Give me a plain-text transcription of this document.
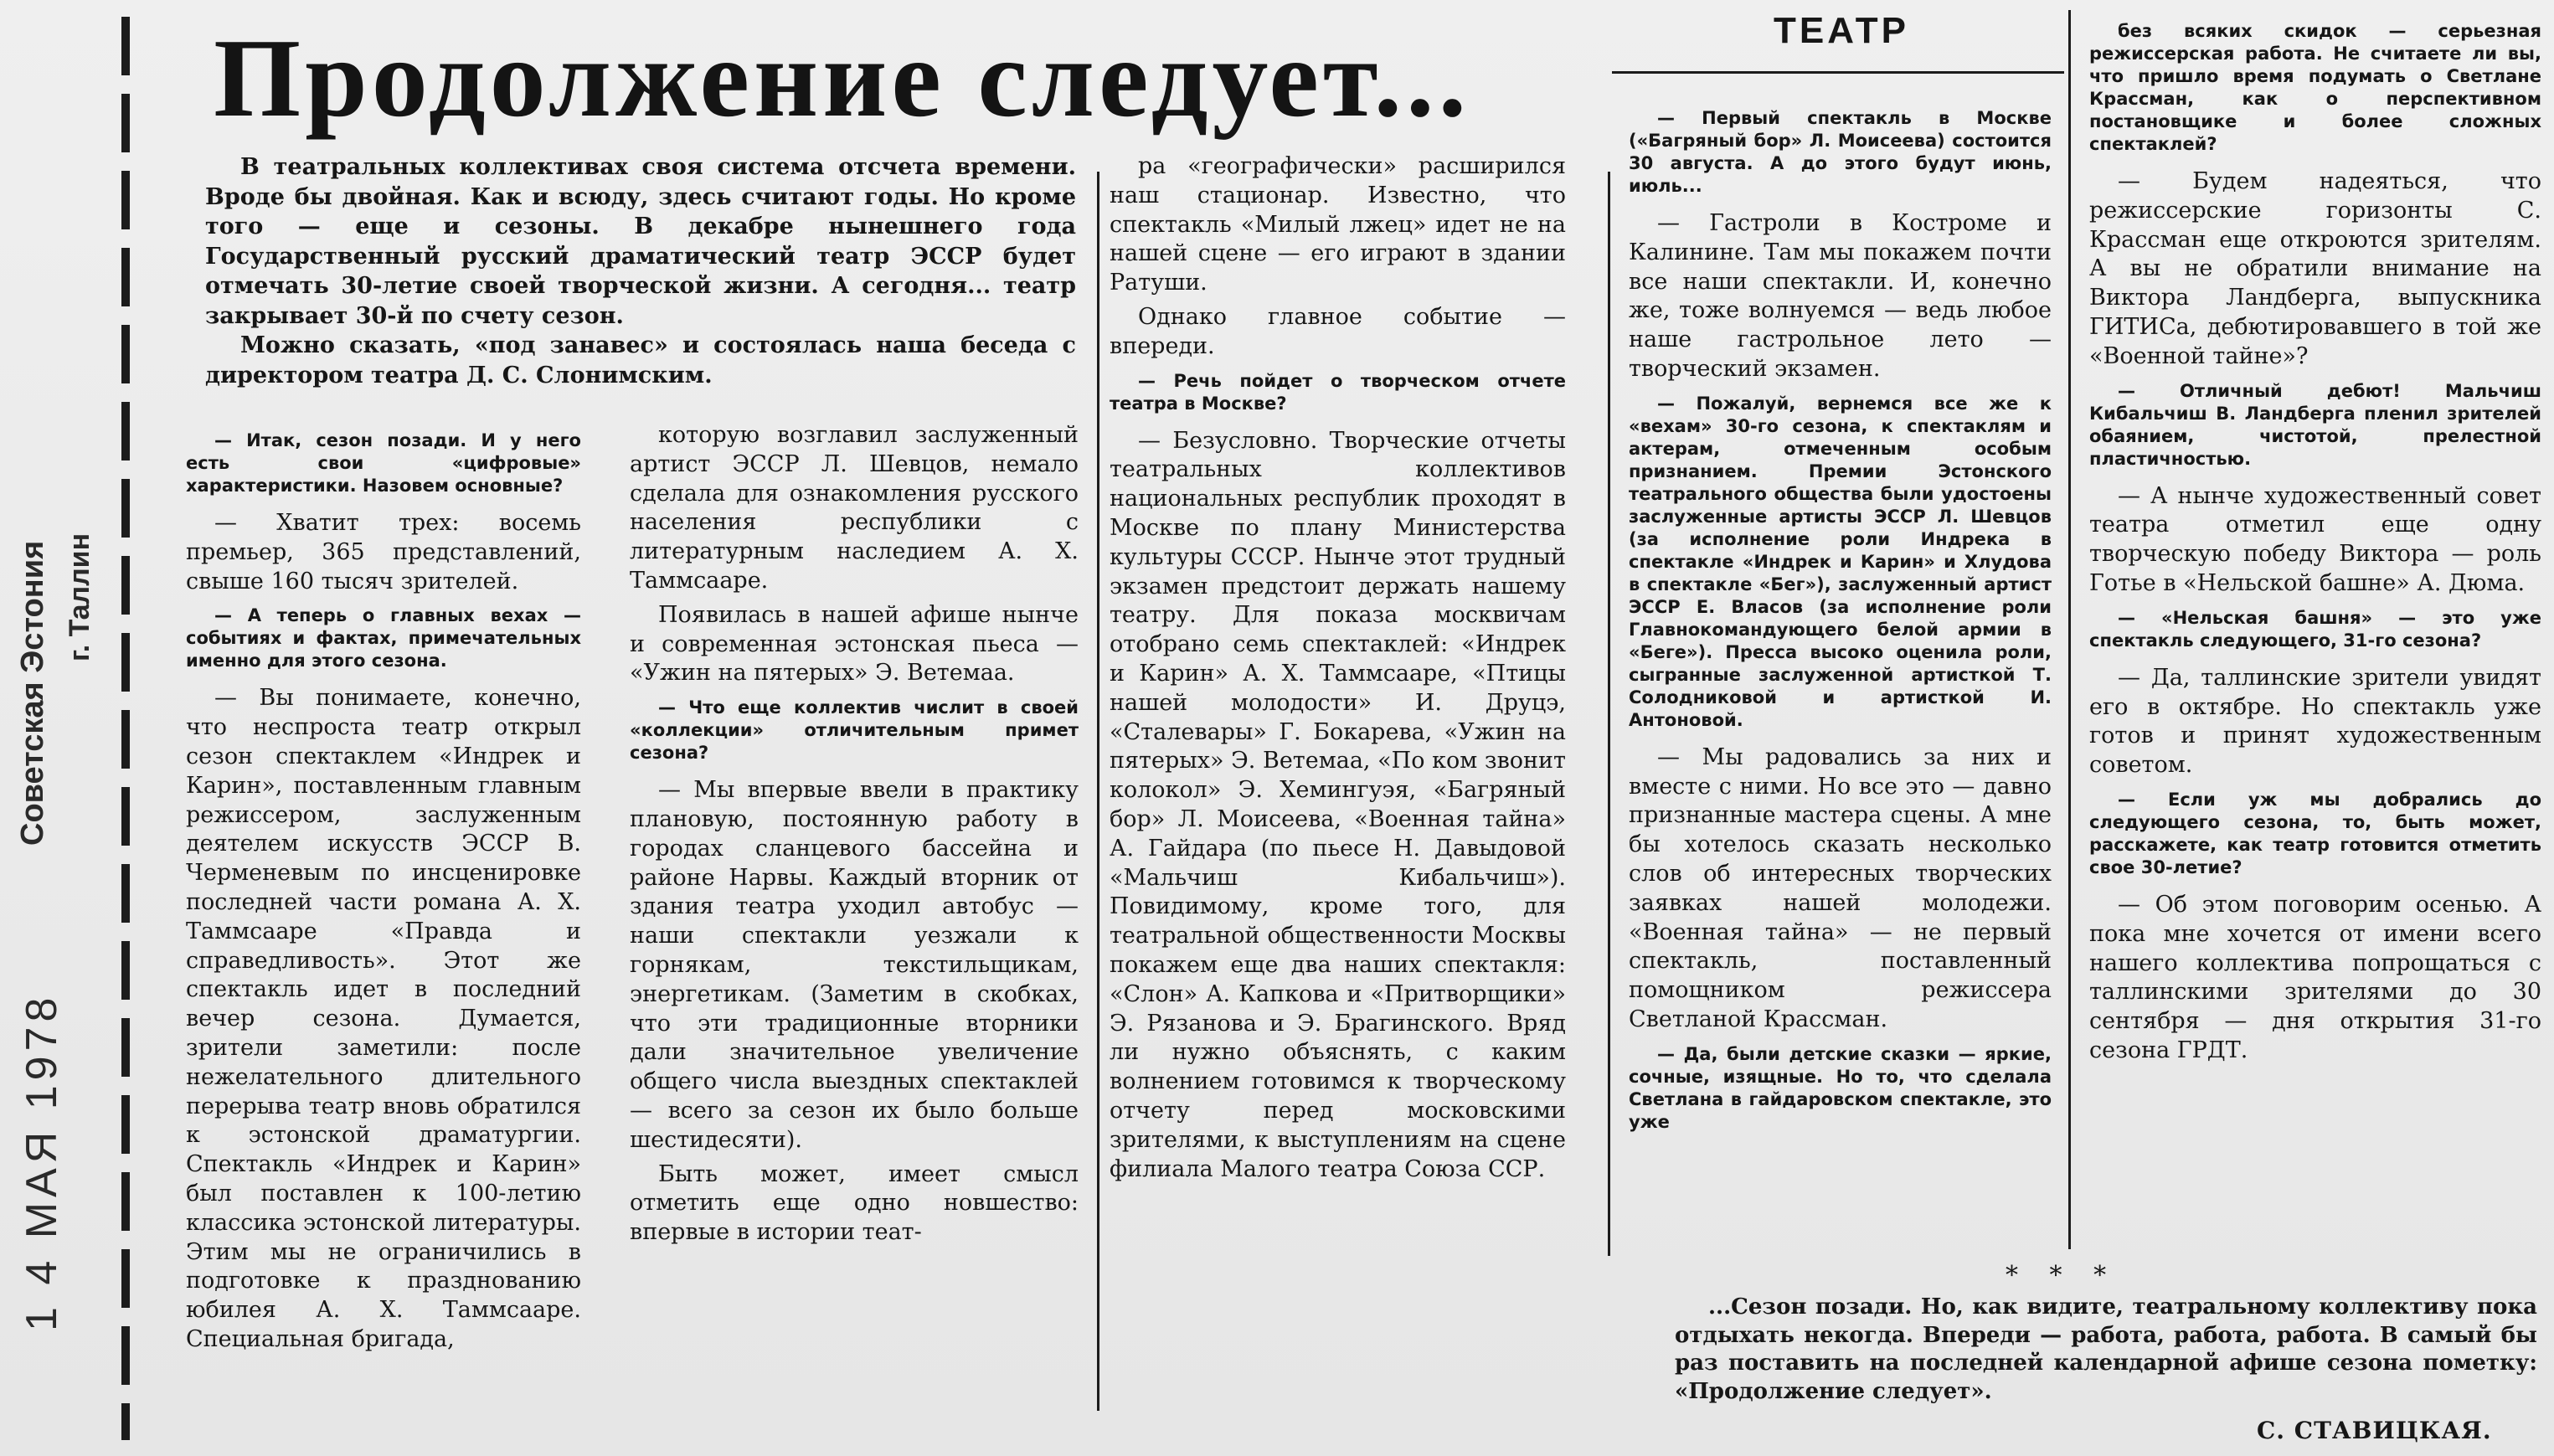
Советская Эстония г. Таллин
1 4 МАЯ 1978
Продолжение следует...	ТЕАТР

В театральных коллективах своя система отсчета времени. Вроде бы двойная. Как и всюду, здесь считают годы. Но кроме того — еще и сезоны. В декабре нынешнего года Государственный русский драматический театр ЭССР будет отмечать 30-летие своей творческой жизни. А сегодня... театр закрывает 30-й по счету сезон.

Можно сказать, «под занавес» и состоялась наша беседа с директором театра Д. С. Слонимским.

— Итак, сезон позади. И у него есть свои «цифровые» характеристики. Назовем основные?

— Хватит трех: восемь премьер, 365 представлений, свыше 160 тысяч зрителей.

— А теперь о главных вехах — событиях и фактах, примечательных именно для этого сезона.

— Вы понимаете, конечно, что неспроста театр открыл сезон спектаклем «Индрек и Карин», поставленным главным режиссером, заслуженным деятелем искусств ЭССР В. Черменевым по инсценировке последней части романа А. Х. Таммсааре «Правда и справедливость». Этот же спектакль идет в последний вечер сезона. Думается, зрители заметили: после нежелательного длительного перерыва театр вновь обратился к эстонской драматургии. Спектакль «Индрек и Карин» был поставлен к 100-летию классика эстонской литературы. Этим мы не ограничились в подготовке к празднованию юбилея А. Х. Таммсааре. Специальная бригада,

которую возглавил заслуженный артист ЭССР Л. Шевцов, немало сделала для ознакомления русского населения республики с литературным наследием А. Х. Таммсааре.

Появилась в нашей афише нынче и современная эстонская пьеса — «Ужин на пятерых» Э. Ветемаа.

— Что еще коллектив числит в своей «коллекции» отличительным примет сезона?

— Мы впервые ввели в практику плановую, постоянную работу в городах сланцевого бассейна и районе Нарвы. Каждый вторник от здания театра уходил автобус — наши спектакли уезжали к горнякам, текстильщикам, энергетикам. (Заметим в скобках, что эти традиционные вторники дали значительное увеличение общего числа выездных спектаклей — всего за сезон их было больше шестидесяти).

Быть может, имеет смысл отметить еще одно новшество: впервые в истории теат-

ра «географически» расширился наш стационар. Известно, что спектакль «Милый лжец» идет не на нашей сцене — его играют в здании Ратуши.

Однако главное событие — впереди.

— Речь пойдет о творческом отчете театра в Москве?

— Безусловно. Творческие отчеты театральных коллективов национальных республик проходят в Москве по плану Министерства культуры СССР. Нынче этот трудный экзамен предстоит держать нашему театру. Для показа москвичам отобрано семь спектаклей: «Индрек и Карин» А. Х. Таммсааре, «Птицы нашей молодости» И. Друцэ, «Сталевары» Г. Бокарева, «Ужин на пятерых» Э. Ветемаа, «По ком звонит колокол» Э. Хемингуэя, «Багряный бор» Л. Моисеева, «Военная тайна» А. Гайдара (по пьесе Н. Давыдовой «Мальчиш Кибальчиш»). Повидимому, кроме того, для театральной общественности Москвы покажем еще два наших спектакля: «Слон» А. Капкова и «Притворщики» Э. Рязанова и Э. Брагинского. Вряд ли нужно объяснять, с каким волнением готовимся к творческому отчету перед московскими зрителями, к выступлениям на сцене филиала Малого театра Союза ССР.

— Первый спектакль в Москве («Багряный бор» Л. Моисеева) состоится 30 августа. А до этого будут июнь, июль...

— Гастроли в Костроме и Калинине. Там мы покажем почти все наши спектакли. И, конечно же, тоже волнуемся — ведь любое наше гастрольное лето — творческий экзамен.

— Пожалуй, вернемся все же к «вехам» 30-го сезона, к спектаклям и актерам, отмеченным особым признанием. Премии Эстонского театрального общества были удостоены заслуженные артисты ЭССР Л. Шевцов (за исполнение роли Индрека в спектакле «Индрек и Карин» и Хлудова в спектакле «Бег»), заслуженный артист ЭССР Е. Власов (за исполнение роли Главнокомандующего белой армии в «Беге»). Пресса высоко оценила роли, сыгранные заслуженной артисткой Т. Солодниковой и артисткой И. Антоновой.

— Мы радовались за них и вместе с ними. Но все это — давно признанные мастера сцены. А мне бы хотелось сказать несколько слов об интересных творческих заявках нашей молодежи. «Военная тайна» — не первый спектакль, поставленный помощником режиссера Светланой Крассман.

— Да, были детские сказки — яркие, сочные, изящные. Но то, что сделала Светлана в гайдаровском спектакле, это уже

без всяких скидок — серьезная режиссерская работа. Не считаете ли вы, что пришло время подумать о Светлане Крассман, как о перспективном постановщике и более сложных спектаклей?

— Будем надеяться, что режиссерские горизонты С. Крассман еще откроются зрителям. А вы не обратили внимание на Виктора Ландберга, выпускника ГИТИСа, дебютировавшего в той же «Военной тайне»?

— Отличный дебют! Мальчиш Кибальчиш В. Ландберга пленил зрителей обаянием, чистотой, прелестной пластичностью.

— А нынче художественный совет театра отметил еще одну творческую победу Виктора — роль Готье в «Нельской башне» А. Дюма.

— «Нельская башня» — это уже спектакль следующего, 31-го сезона?

— Да, таллинские зрители увидят его в октябре. Но спектакль уже готов и принят художественным советом.

— Если уж мы добрались до следующего сезона, то, быть может, расскажете, как театр готовится отметить свое 30-летие?

— Об этом поговорим осенью. А пока мне хочется от имени всего нашего коллектива попрощаться с таллинскими зрителями до 30 сентября — дня открытия 31-го сезона ГРДТ.

* * *

...Сезон позади. Но, как видите, театральному коллективу пока отдыхать некогда. Впереди — работа, работа, работа. В самый бы раз поставить на последней календарной афише сезона пометку: «Продолжение следует».

С. СТАВИЦКАЯ.
